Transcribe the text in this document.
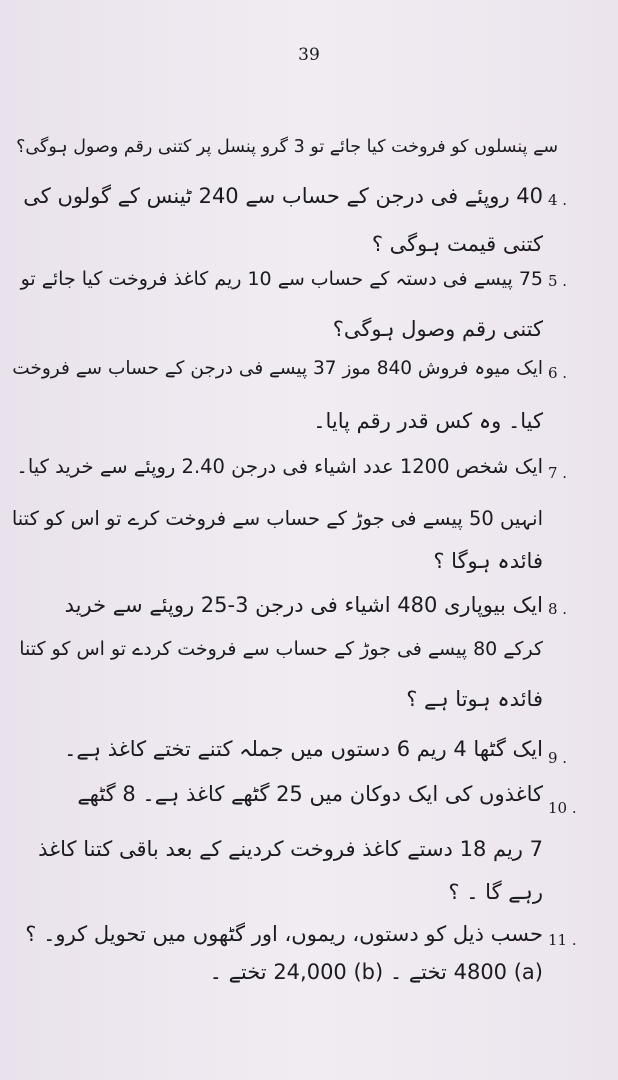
39
سے پنسلوں کو فروخت کیا جائے تو 3 گرو پنسل پر کتنی رقم وصول ہوگی؟
4 .
40 روپئے فی درجن کے حساب سے 240 ٹینس کے گولوں کی
کتنی قیمت ہوگی ؟
5 .
75 پیسے فی دستہ کے حساب سے 10 ریم کاغذ فروخت کیا جائے تو
کتنی رقم وصول ہوگی؟
6 .
ایک میوہ فروش 840 موز 37 پیسے فی درجن کے حساب سے فروخت
کیا۔ وہ کس قدر رقم پایا۔
7 .
ایک شخص 1200 عدد اشیاء فی درجن 2.40 روپئے سے خرید کیا۔
انہیں 50 پیسے فی جوڑ کے حساب سے فروخت کرے تو اس کو کتنا
فائدہ ہوگا ؟
8 .
ایک بیوپاری 480 اشیاء فی درجن 3-25 روپئے سے خرید
کرکے 80 پیسے فی جوڑ کے حساب سے فروخت کردے تو اس کو کتنا
فائدہ ہوتا ہے ؟
9 .
ایک گٹھا 4 ریم 6 دستوں میں جملہ کتنے تختے کاغذ ہے۔
10 .
کاغذوں کی ایک دوکان میں 25 گٹھے کاغذ ہے۔ 8 گٹھے
7 ریم 18 دستے کاغذ فروخت کردینے کے بعد باقی کتنا کاغذ
رہے گا ۔ ؟
11 .
حسب ذیل کو دستوں، ریموں، اور گٹھوں میں تحویل کرو۔ ؟
(a) 4800 تختے ۔ (b) 24,000 تختے ۔
